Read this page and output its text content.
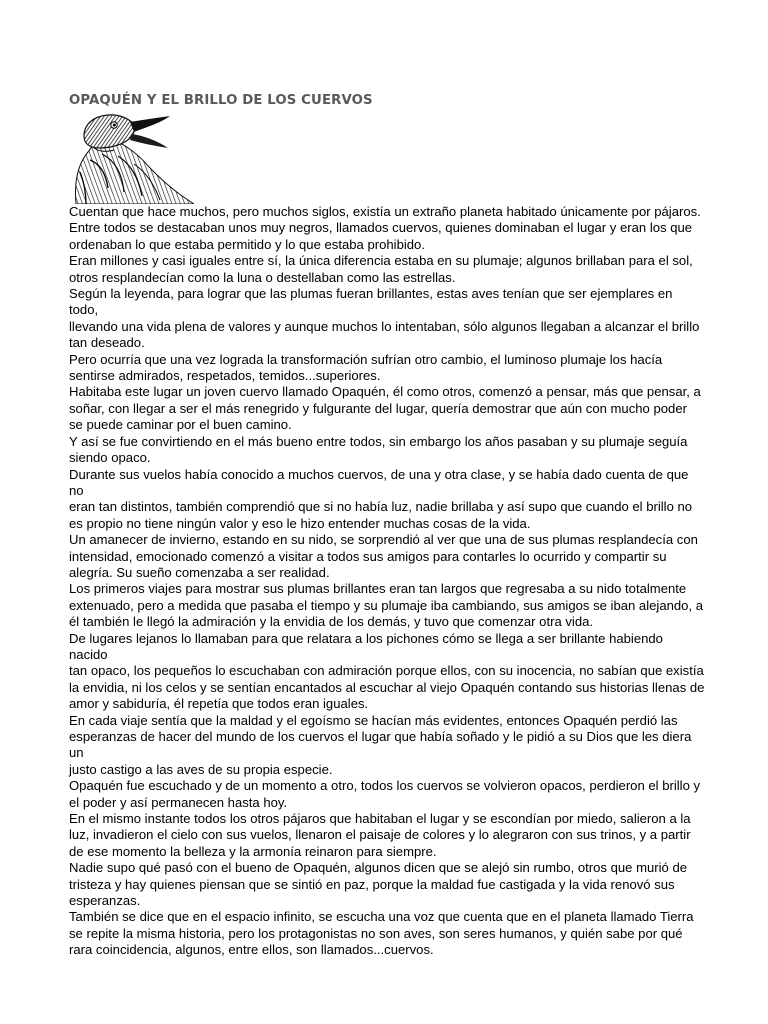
OPAQUÉN Y EL BRILLO DE LOS CUERVOS

Cuentan que hace muchos, pero muchos siglos, existía un extraño planeta habitado únicamente por pájaros.

Entre todos se destacaban unos muy negros, llamados cuervos, quienes dominaban el lugar y eran los que
ordenaban lo que estaba permitido y lo que estaba prohibido.

Eran millones y casi iguales entre sí, la única diferencia estaba en su plumaje; algunos brillaban para el sol,
otros resplandecían como la luna o destellaban como las estrellas.

Según la leyenda, para lograr que las plumas fueran brillantes, estas aves tenían que ser ejemplares en todo,
llevando una vida plena de valores y aunque muchos lo intentaban, sólo algunos llegaban a alcanzar el brillo
tan deseado.

Pero ocurría que una vez lograda la transformación sufrían otro cambio, el luminoso plumaje los hacía
sentirse admirados, respetados, temidos...superiores.

Habitaba este lugar un joven cuervo llamado Opaquén, él como otros, comenzó a pensar, más que pensar, a
soñar, con llegar a ser el más renegrido y fulgurante del lugar, quería demostrar que aún con mucho poder
se puede caminar por el buen camino.

Y así se fue convirtiendo en el más bueno entre todos, sin embargo los años pasaban y su plumaje seguía
siendo opaco.

Durante sus vuelos había conocido a muchos cuervos, de una y otra clase, y se había dado cuenta de que no
eran tan distintos, también comprendió que si no había luz, nadie brillaba y así supo que cuando el brillo no
es propio no tiene ningún valor y eso le hizo entender muchas cosas de la vida.

Un amanecer de invierno, estando en su nido, se sorprendió al ver que una de sus plumas resplandecía con
intensidad, emocionado comenzó a visitar a todos sus amigos para contarles lo ocurrido y compartir su
alegría. Su sueño comenzaba a ser realidad.

Los primeros viajes para mostrar sus plumas brillantes eran tan largos que regresaba a su nido totalmente
extenuado, pero a medida que pasaba el tiempo y su plumaje iba cambiando, sus amigos se iban alejando, a
él también le llegó la admiración y la envidia de los demás, y tuvo que comenzar otra vida.

De lugares lejanos lo llamaban para que relatara a los pichones cómo se llega a ser brillante habiendo nacido
tan opaco, los pequeños lo escuchaban con admiración porque ellos, con su inocencia, no sabían que existía
la envidia, ni los celos y se sentían encantados al escuchar al viejo Opaquén contando sus historias llenas de
amor y sabiduría, él repetía que todos eran iguales.

En cada viaje sentía que la maldad y el egoísmo se hacían más evidentes, entonces Opaquén perdió las
esperanzas de hacer del mundo de los cuervos el lugar que había soñado y le pidió a su Dios que les diera un
justo castigo a las aves de su propia especie.

Opaquén fue escuchado y de un momento a otro, todos los cuervos se volvieron opacos, perdieron el brillo y
el poder y así permanecen hasta hoy.

En el mismo instante todos los otros pájaros que habitaban el lugar y se escondían por miedo, salieron a la
luz, invadieron el cielo con sus vuelos, llenaron el paisaje de colores y lo alegraron con sus trinos, y a partir
de ese momento la belleza y la armonía reinaron para siempre.

Nadie supo qué pasó con el bueno de Opaquén, algunos dicen que se alejó sin rumbo, otros que murió de
tristeza y hay quienes piensan que se sintió en paz, porque la maldad fue castigada y la vida renovó sus
esperanzas.

También se dice que en el espacio infinito, se escucha una voz que cuenta que en el planeta llamado Tierra
se repite la misma historia, pero los protagonistas no son aves, son seres humanos, y quién sabe por qué
rara coincidencia, algunos, entre ellos, son llamados...cuervos.
